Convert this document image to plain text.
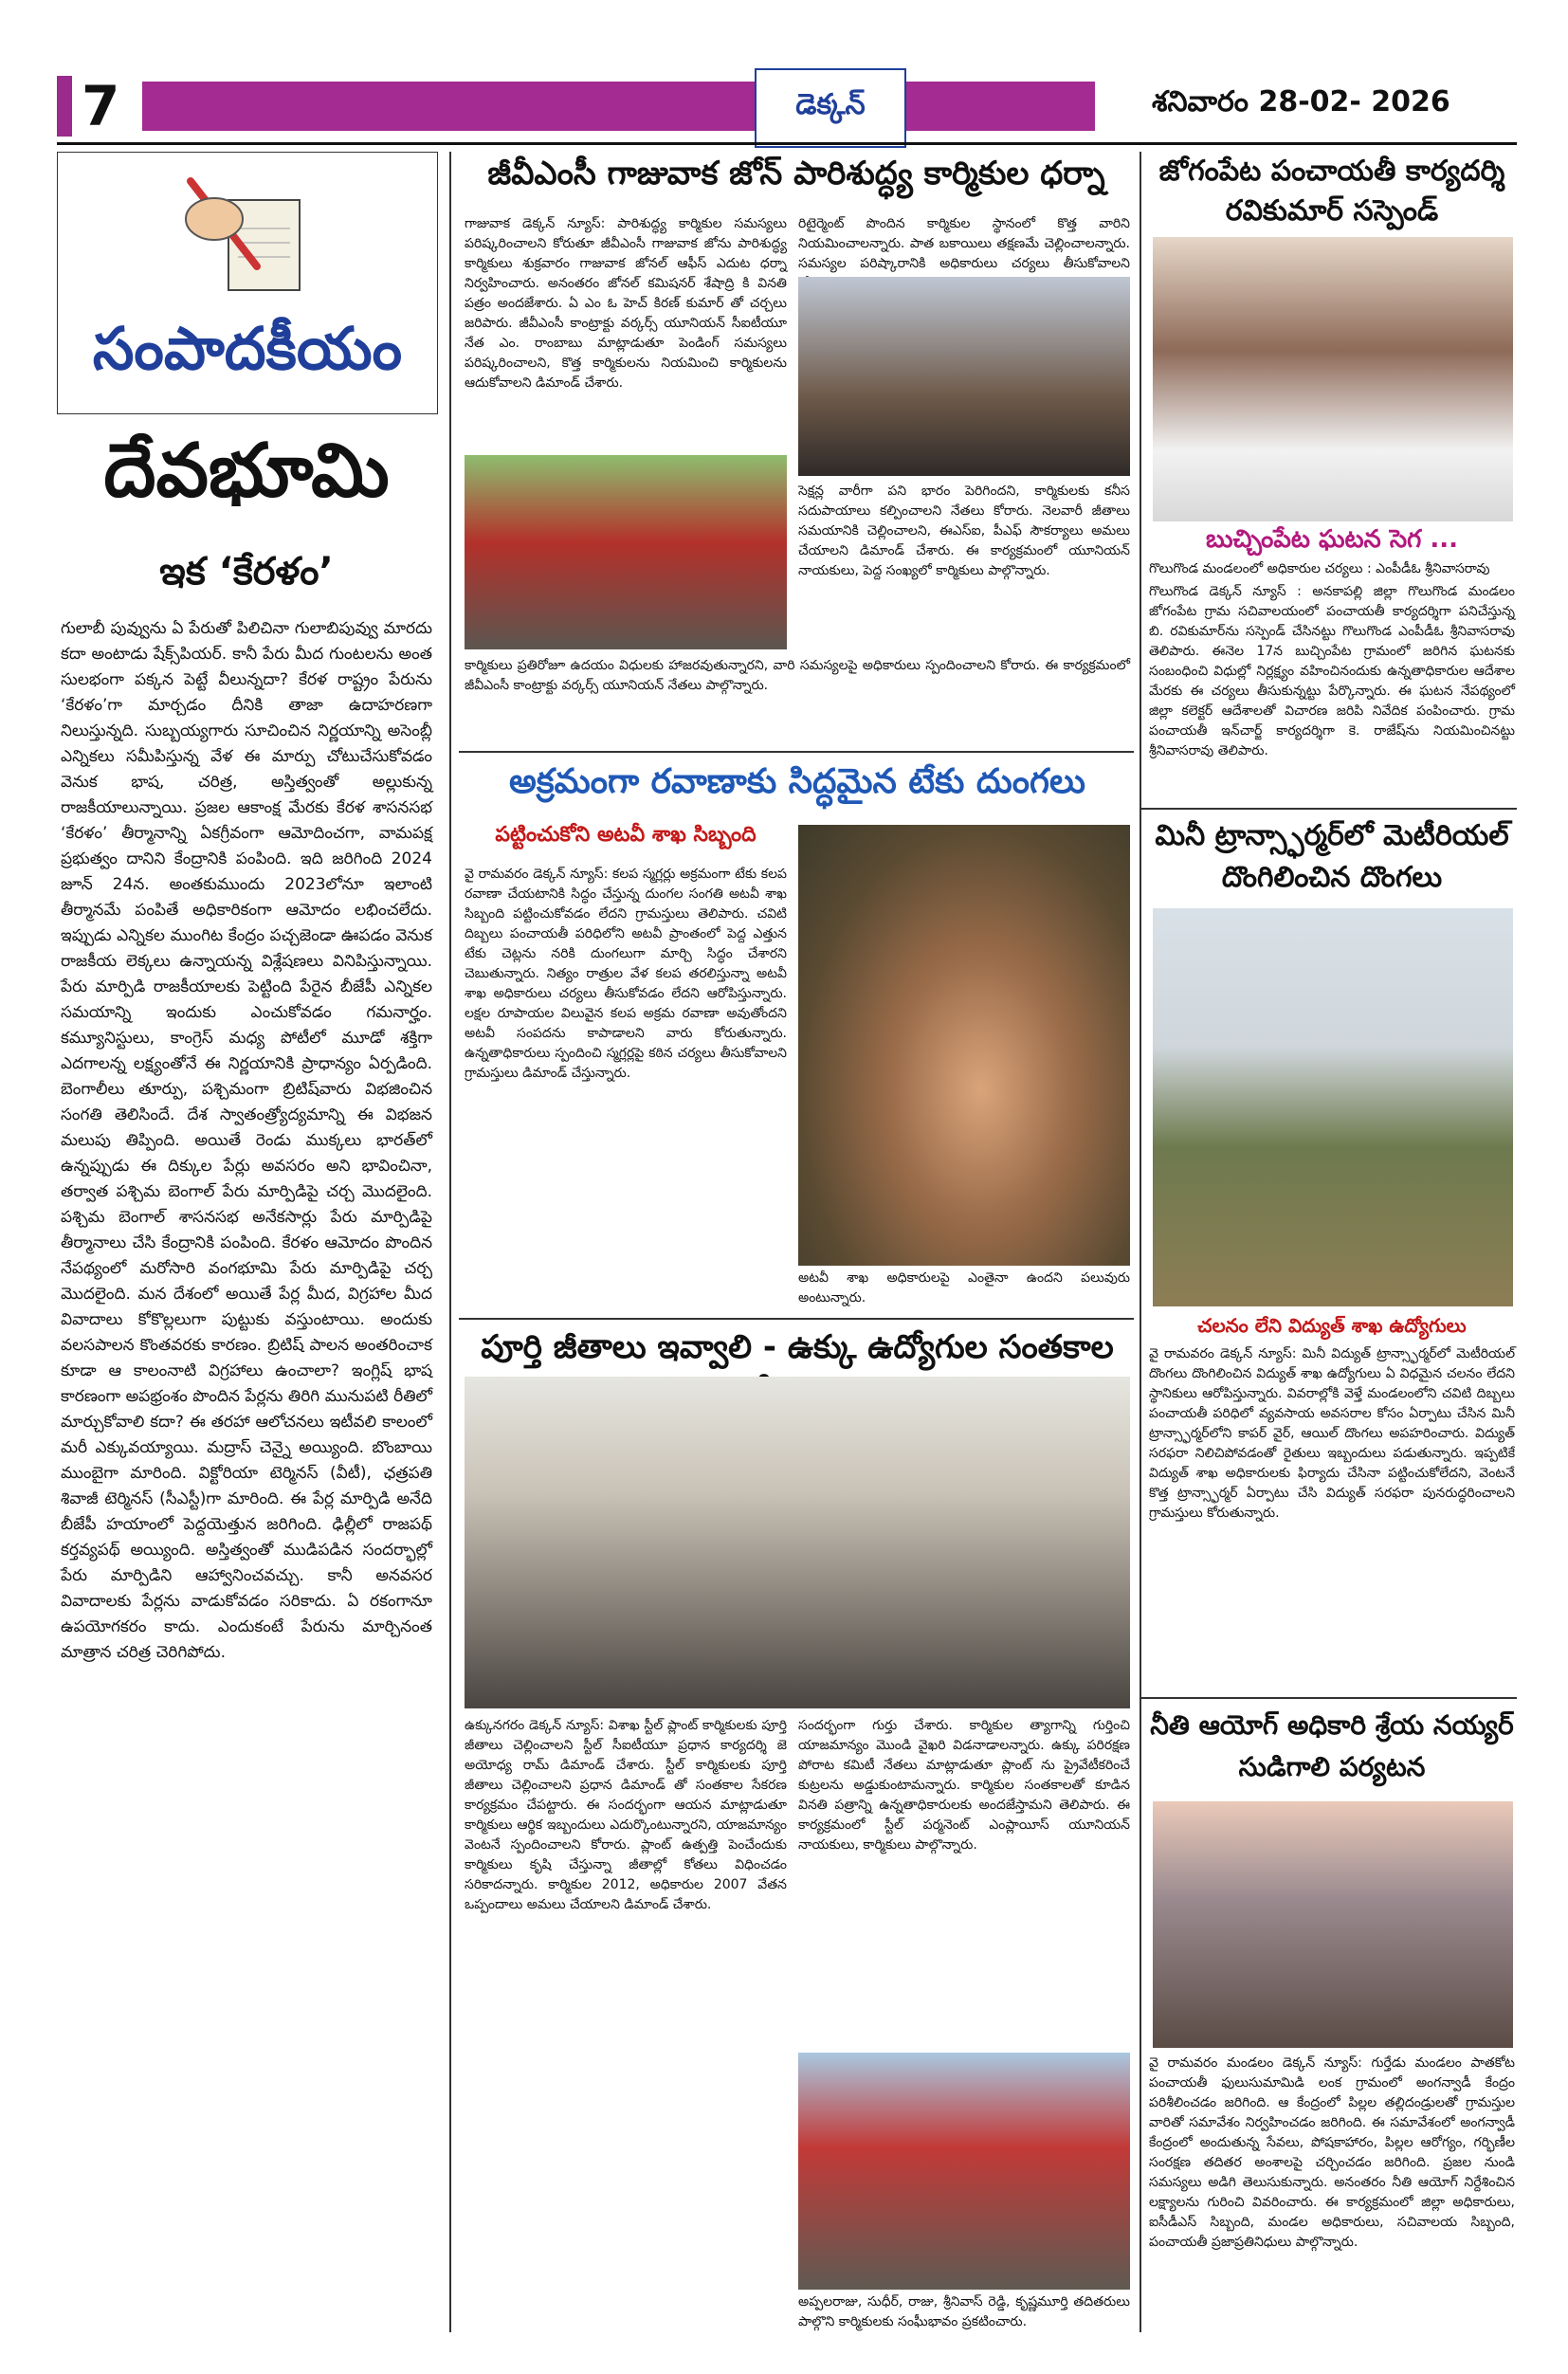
7	డెక్కన్	శనివారం 28-02- 2026
సంపాదకీయం
దేవభూమి
ఇక ‘కేరళం’
గులాబీ పువ్వును ఏ పేరుతో పిలిచినా గులాబిపువ్వు మారదు కదా అంటాడు షేక్స్‌పియర్. కానీ పేరు మీద గుంటలను అంత సులభంగా పక్కన పెట్టే వీలున్నదా? కేరళ రాష్ట్రం పేరును ‘కేరళం’గా మార్చడం దీనికి తాజా ఉదాహరణగా నిలుస్తున్నది. సుబ్బయ్యగారు సూచించిన నిర్ణయాన్ని అసెంబ్లీ ఎన్నికలు సమీపిస్తున్న వేళ ఈ మార్పు చోటుచేసుకోవడం వెనుక భాష, చరిత్ర, అస్తిత్వంతో అల్లుకున్న రాజకీయాలున్నాయి. ప్రజల ఆకాంక్ష మేరకు కేరళ శాసనసభ ‘కేరళం’ తీర్మానాన్ని ఏకగ్రీవంగా ఆమోదించగా, వామపక్ష ప్రభుత్వం దానిని కేంద్రానికి పంపింది. ఇది జరిగింది 2024 జూన్ 24న. అంతకుముందు 2023లోనూ ఇలాంటి తీర్మానమే పంపితే అధికారికంగా ఆమోదం లభించలేదు. ఇప్పుడు ఎన్నికల ముంగిట కేంద్రం పచ్చజెండా ఊపడం వెనుక రాజకీయ లెక్కలు ఉన్నాయన్న విశ్లేషణలు వినిపిస్తున్నాయి. పేరు మార్పిడి రాజకీయాలకు పెట్టింది పేరైన బీజేపీ ఎన్నికల సమయాన్ని ఇందుకు ఎంచుకోవడం గమనార్హం. కమ్యూనిస్టులు, కాంగ్రెస్ మధ్య పోటీలో మూడో శక్తిగా ఎదగాలన్న లక్ష్యంతోనే ఈ నిర్ణయానికి ప్రాధాన్యం ఏర్పడింది. బెంగాలీలు తూర్పు, పశ్చిమంగా బ్రిటిష్‌వారు విభజించిన సంగతి తెలిసిందే. దేశ స్వాతంత్ర్యోద్యమాన్ని ఈ విభజన మలుపు తిప్పింది. అయితే రెండు ముక్కలు భారత్‌లో ఉన్నప్పుడు ఈ దిక్కుల పేర్లు అవసరం అని భావించినా, తర్వాత పశ్చిమ బెంగాల్ పేరు మార్పిడిపై చర్చ మొదలైంది. పశ్చిమ బెంగాల్ శాసనసభ అనేకసార్లు పేరు మార్పిడిపై తీర్మానాలు చేసి కేంద్రానికి పంపింది. కేరళం ఆమోదం పొందిన నేపథ్యంలో మరోసారి వంగభూమి పేరు మార్పిడిపై చర్చ మొదలైంది. మన దేశంలో అయితే పేర్ల మీద, విగ్రహాల మీద వివాదాలు కోకొల్లలుగా పుట్టుకు వస్తుంటాయి. అందుకు వలసపాలన కొంతవరకు కారణం. బ్రిటిష్ పాలన అంతరించాక కూడా ఆ కాలంనాటి విగ్రహాలు ఉంచాలా? ఇంగ్లిష్ భాష కారణంగా అపభ్రంశం పొందిన పేర్లను తిరిగి మునుపటి రీతిలో మార్చుకోవాలి కదా? ఈ తరహా ఆలోచనలు ఇటీవలి కాలంలో మరీ ఎక్కువయ్యాయి. మద్రాస్ చెన్నై అయ్యింది. బొంబాయి ముంబైగా మారింది. విక్టోరియా టెర్మినస్ (వీటీ), ఛత్రపతి శివాజీ టెర్మినస్ (సీఎస్టీ)గా మారింది. ఈ పేర్ల మార్పిడి అనేది బీజేపీ హయాంలో పెద్దయెత్తున జరిగింది. ఢిల్లీలో రాజపథ్ కర్తవ్యపథ్ అయ్యింది. అస్తిత్వంతో ముడిపడిన సందర్భాల్లో పేరు మార్పిడిని ఆహ్వానించవచ్చు. కానీ అనవసర వివాదాలకు పేర్లను వాడుకోవడం సరికాదు. ఏ రకంగానూ ఉపయోగకరం కాదు. ఎందుకంటే పేరును మార్చినంత మాత్రాన చరిత్ర చెరిగిపోదు.
జీవీఎంసీ గాజువాక జోన్ పారిశుద్ధ్య కార్మికుల ధర్నా
గాజువాక డెక్కన్ న్యూస్: పారిశుద్ధ్య కార్మికుల సమస్యలు పరిష్కరించాలని కోరుతూ జీవీఎంసీ గాజువాక జోను పారిశుద్ధ్య కార్మికులు శుక్రవారం గాజువాక జోనల్ ఆఫీస్ ఎదుట ధర్నా నిర్వహించారు. అనంతరం జోనల్ కమిషనర్ శేషాద్రి కి వినతి పత్రం అందజేశారు. ఏ ఎం ఓ హెచ్ కిరణ్ కుమార్ తో చర్చలు జరిపారు. జీవీఎంసీ కాంట్రాక్టు వర్కర్స్ యూనియన్ సీఐటీయూ నేత ఎం. రాంబాబు మాట్లాడుతూ పెండింగ్ సమస్యలు పరిష్కరించాలని, కొత్త కార్మికులను నియమించి కార్మికులను ఆదుకోవాలని డిమాండ్ చేశారు.
రిటైర్మెంట్ పొందిన కార్మికుల స్థానంలో కొత్త వారిని నియమించాలన్నారు. పాత బకాయిలు తక్షణమే చెల్లించాలన్నారు. సమస్యల పరిష్కారానికి అధికారులు చర్యలు తీసుకోవాలని
సెక్షన్ల వారీగా పని భారం పెరిగిందని, కార్మికులకు కనీస సదుపాయాలు కల్పించాలని నేతలు కోరారు. నెలవారీ జీతాలు సమయానికి చెల్లించాలని, ఈఎస్ఐ, పీఎఫ్ సౌకర్యాలు అమలు చేయాలని డిమాండ్ చేశారు. ఈ కార్యక్రమంలో యూనియన్ నాయకులు, పెద్ద సంఖ్యలో కార్మికులు పాల్గొన్నారు.
కార్మికులు ప్రతిరోజూ ఉదయం విధులకు హాజరవుతున్నారని, వారి సమస్యలపై అధికారులు స్పందించాలని కోరారు. ఈ కార్యక్రమంలో జీవీఎంసీ కాంట్రాక్టు వర్కర్స్ యూనియన్ నేతలు పాల్గొన్నారు.
అక్రమంగా రవాణాకు సిద్ధమైన టేకు దుంగలు
పట్టించుకోని అటవీ శాఖ సిబ్బంది
వై రామవరం డెక్కన్ న్యూస్: కలప స్మగ్లర్లు అక్రమంగా టేకు కలప రవాణా చేయటానికి సిద్ధం చేస్తున్న దుంగల సంగతి అటవీ శాఖ సిబ్బంది పట్టించుకోవడం లేదని గ్రామస్తులు తెలిపారు. చవిటి దిబ్బలు పంచాయతీ పరిధిలోని అటవీ ప్రాంతంలో పెద్ద ఎత్తున టేకు చెట్లను నరికి దుంగలుగా మార్చి సిద్ధం చేశారని చెబుతున్నారు. నిత్యం రాత్రుల వేళ కలప తరలిస్తున్నా అటవీ శాఖ అధికారులు చర్యలు తీసుకోవడం లేదని ఆరోపిస్తున్నారు. లక్షల రూపాయల విలువైన కలప అక్రమ రవాణా అవుతోందని అటవీ సంపదను కాపాడాలని వారు కోరుతున్నారు. ఉన్నతాధికారులు స్పందించి స్మగ్లర్లపై కఠిన చర్యలు తీసుకోవాలని గ్రామస్తులు డిమాండ్ చేస్తున్నారు.
అటవీ శాఖ అధికారులపై ఎంతైనా ఉందని పలువురు అంటున్నారు.
పూర్తి జీతాలు ఇవ్వాలి - ఉక్కు ఉద్యోగుల సంతకాల
ఉక్కునగరం డెక్కన్ న్యూస్: విశాఖ స్టీల్ ప్లాంట్ కార్మికులకు పూర్తి జీతాలు చెల్లించాలని స్టీల్ సీఐటీయూ ప్రధాన కార్యదర్శి జె అయోధ్య రామ్ డిమాండ్ చేశారు. స్టీల్ కార్మికులకు పూర్తి జీతాలు చెల్లించాలని ప్రధాన డిమాండ్ తో సంతకాల సేకరణ కార్యక్రమం చేపట్టారు. ఈ సందర్భంగా ఆయన మాట్లాడుతూ కార్మికులు ఆర్థిక ఇబ్బందులు ఎదుర్కొంటున్నారని, యాజమాన్యం వెంటనే స్పందించాలని కోరారు. ప్లాంట్ ఉత్పత్తి పెంచేందుకు కార్మికులు కృషి చేస్తున్నా జీతాల్లో కోతలు విధించడం సరికాదన్నారు. కార్మికుల 2012, అధికారుల 2007 వేతన ఒప్పందాలు అమలు చేయాలని డిమాండ్ చేశారు.
సందర్భంగా గుర్తు చేశారు. కార్మికుల త్యాగాన్ని గుర్తించి యాజమాన్యం మొండి వైఖరి విడనాడాలన్నారు. ఉక్కు పరిరక్షణ పోరాట కమిటీ నేతలు మాట్లాడుతూ ప్లాంట్ ను ప్రైవేటీకరించే కుట్రలను అడ్డుకుంటామన్నారు. కార్మికుల సంతకాలతో కూడిన వినతి పత్రాన్ని ఉన్నతాధికారులకు అందజేస్తామని తెలిపారు. ఈ కార్యక్రమంలో స్టీల్ పర్మనెంట్ ఎంప్లాయీస్ యూనియన్ నాయకులు, కార్మికులు పాల్గొన్నారు.
అప్పలరాజు, సుధీర్, రాజు, శ్రీనివాస్ రెడ్డి, కృష్ణమూర్తి తదితరులు పాల్గొని కార్మికులకు సంఘీభావం ప్రకటించారు.
జోగంపేట పంచాయతీ కార్యదర్శి రవికుమార్ సస్పెండ్
బుచ్చింపేట ఘటన సెగ ...
గొలుగొండ మండలంలో అధికారుల చర్యలు : ఎంపీడీఓ శ్రీనివాసరావు
గొలుగొండ డెక్కన్ న్యూస్ : అనకాపల్లి జిల్లా గొలుగొండ మండలం జోగంపేట గ్రామ సచివాలయంలో పంచాయతీ కార్యదర్శిగా పనిచేస్తున్న బి. రవికుమార్‌ను సస్పెండ్ చేసినట్టు గొలుగొండ ఎంపీడీఓ శ్రీనివాసరావు తెలిపారు. ఈనెల 17న బుచ్చింపేట గ్రామంలో జరిగిన ఘటనకు సంబంధించి విధుల్లో నిర్లక్ష్యం వహించినందుకు ఉన్నతాధికారుల ఆదేశాల మేరకు ఈ చర్యలు తీసుకున్నట్టు పేర్కొన్నారు. ఈ ఘటన నేపథ్యంలో జిల్లా కలెక్టర్ ఆదేశాలతో విచారణ జరిపి నివేదిక పంపించారు. గ్రామ పంచాయతీ ఇన్‌చార్జ్ కార్యదర్శిగా కె. రాజేష్‌ను నియమించినట్టు శ్రీనివాసరావు తెలిపారు.
మినీ ట్రాన్స్ఫార్మర్‌లో మెటీరియల్
దొంగిలించిన దొంగలు
చలనం లేని విద్యుత్ శాఖ ఉద్యోగులు
వై రామవరం డెక్కన్ న్యూస్: మినీ విద్యుత్ ట్రాన్స్ఫార్మర్‌లో మెటీరియల్ దొంగలు దొంగిలించిన విద్యుత్ శాఖ ఉద్యోగులు ఏ విధమైన చలనం లేదని స్థానికులు ఆరోపిస్తున్నారు. వివరాల్లోకి వెళ్తే మండలంలోని చవిటి దిబ్బలు పంచాయతీ పరిధిలో వ్యవసాయ అవసరాల కోసం ఏర్పాటు చేసిన మినీ ట్రాన్స్ఫార్మర్‌లోని కాపర్ వైర్, ఆయిల్ దొంగలు అపహరించారు. విద్యుత్ సరఫరా నిలిచిపోవడంతో రైతులు ఇబ్బందులు పడుతున్నారు. ఇప్పటికే విద్యుత్ శాఖ అధికారులకు ఫిర్యాదు చేసినా పట్టించుకోలేదని, వెంటనే కొత్త ట్రాన్స్ఫార్మర్ ఏర్పాటు చేసి విద్యుత్ సరఫరా పునరుద్ధరించాలని గ్రామస్తులు కోరుతున్నారు.
నీతి ఆయోగ్ అధికారి శ్రేయ నయ్యర్
సుడిగాలి పర్యటన
వై రామవరం మండలం డెక్కన్ న్యూస్: గుర్తేడు మండలం పాతకోట పంచాయతీ ఫులుసుమామిడి లంక గ్రామంలో అంగన్వాడీ కేంద్రం పరిశీలించడం జరిగింది. ఆ కేంద్రంలో పిల్లల తల్లిదండ్రులతో గ్రామస్తుల వారితో సమావేశం నిర్వహించడం జరిగింది. ఈ సమావేశంలో అంగన్వాడీ కేంద్రంలో అందుతున్న సేవలు, పోషకాహారం, పిల్లల ఆరోగ్యం, గర్భిణీల సంరక్షణ తదితర అంశాలపై చర్చించడం జరిగింది. ప్రజల నుండి సమస్యలు అడిగి తెలుసుకున్నారు. అనంతరం నీతి ఆయోగ్ నిర్దేశించిన లక్ష్యాలను గురించి వివరించారు. ఈ కార్యక్రమంలో జిల్లా అధికారులు, ఐసీడీఎస్ సిబ్బంది, మండల అధికారులు, సచివాలయ సిబ్బంది, పంచాయతీ ప్రజాప్రతినిధులు పాల్గొన్నారు.
